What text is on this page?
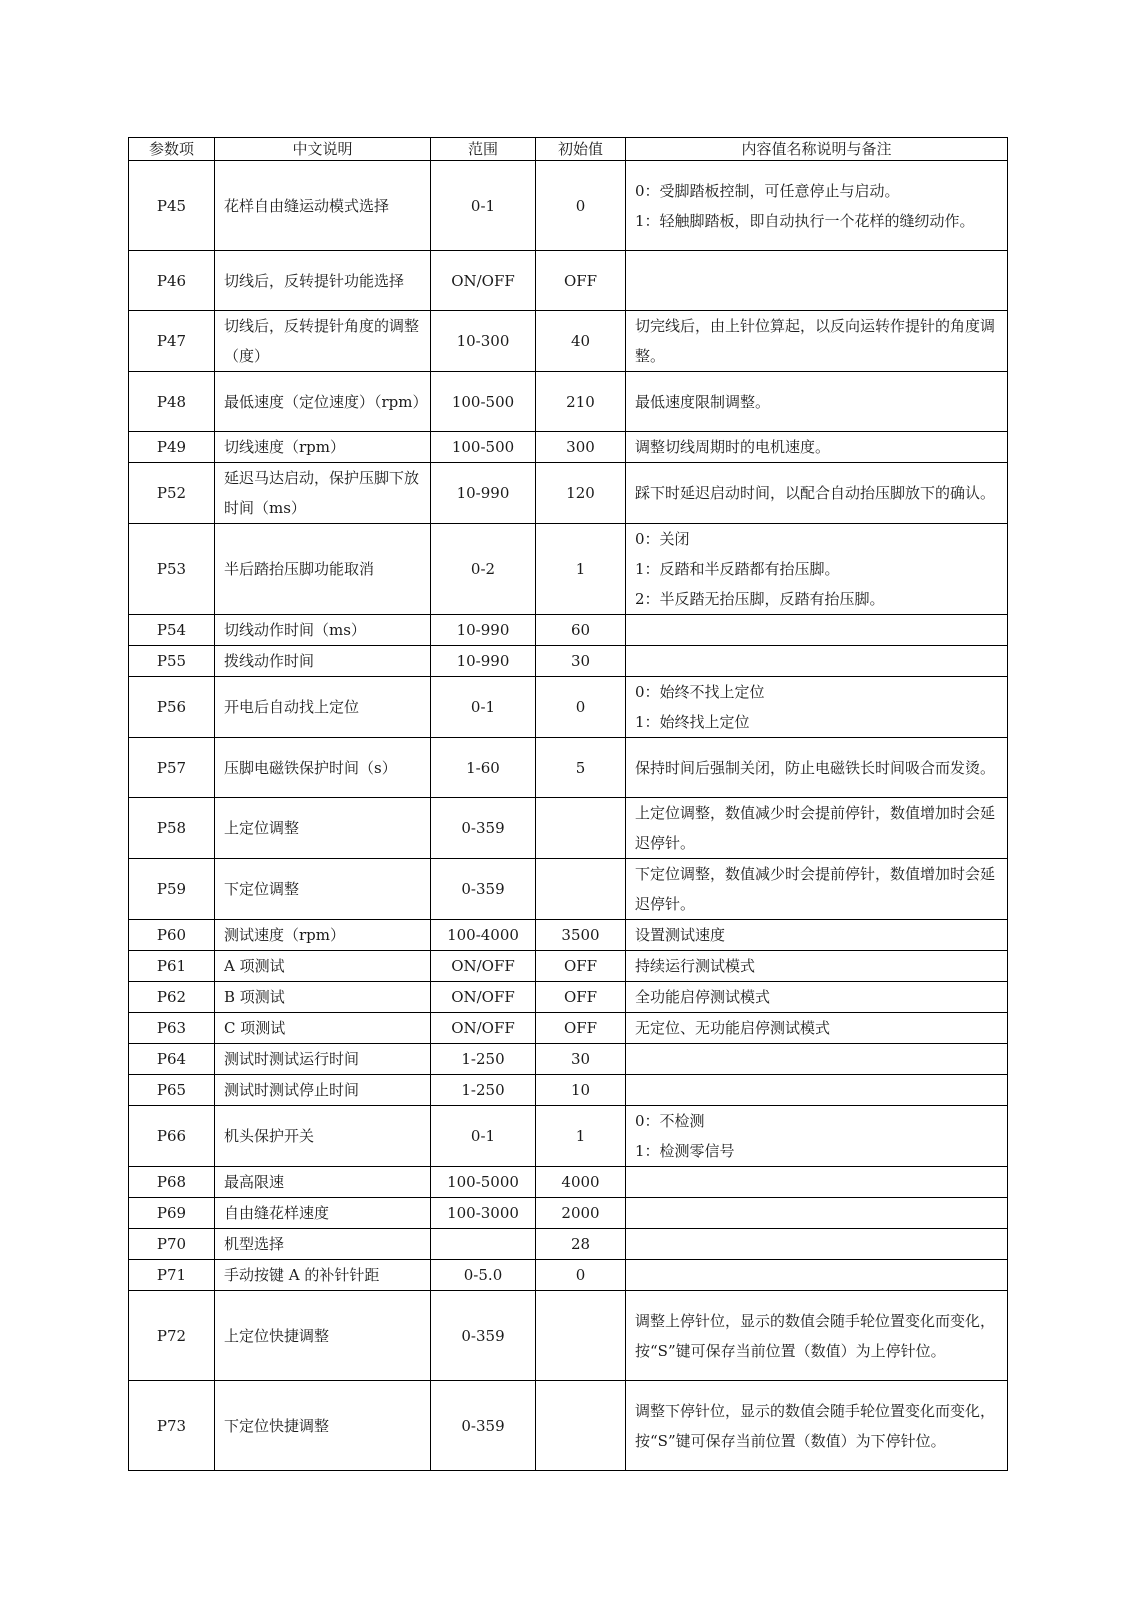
参数项	中文说明	范围	初始值	内容值名称说明与备注
P45	花样自由缝运动模式选择	0-1	0	0：受脚踏板控制，可任意停止与启动。
1：轻触脚踏板，即自动执行一个花样的缝纫动作。

P46	切线后，反转提针功能选择	ON/OFF	OFF	
P47	切线后，反转提针角度的调整（度）	10-300	40	切完线后，由上针位算起，以反向运转作提针的角度调整。

P48	最低速度（定位速度）（rpm）	100-500	210	最低速度限制调整。

P49	切线速度（rpm）	100-500	300	调整切线周期时的电机速度。

P52	延迟马达启动，保护压脚下放时间（ms）	10-990	120	踩下时延迟启动时间，以配合自动抬压脚放下的确认。

P53	半后踏抬压脚功能取消	0-2	1	0：关闭
1：反踏和半反踏都有抬压脚。
2：半反踏无抬压脚，反踏有抬压脚。

P54	切线动作时间（ms）	10-990	60	
P55	拨线动作时间	10-990	30	
P56	开电后自动找上定位	0-1	0	0：始终不找上定位
1：始终找上定位

P57	压脚电磁铁保护时间（s）	1-60	5	保持时间后强制关闭，防止电磁铁长时间吸合而发烫。

P58	上定位调整	0-359		上定位调整，数值减少时会提前停针，数值增加时会延迟停针。

P59	下定位调整	0-359		下定位调整，数值减少时会提前停针，数值增加时会延迟停针。

P60	测试速度（rpm）	100-4000	3500	设置测试速度

P61	A 项测试	ON/OFF	OFF	持续运行测试模式

P62	B 项测试	ON/OFF	OFF	全功能启停测试模式

P63	C 项测试	ON/OFF	OFF	无定位、无功能启停测试模式

P64	测试时测试运行时间	1-250	30	
P65	测试时测试停止时间	1-250	10	
P66	机头保护开关	0-1	1	0：不检测
1：检测零信号

P68	最高限速	100-5000	4000	
P69	自由缝花样速度	100-3000	2000	
P70	机型选择		28	
P71	手动按键 A 的补针针距	0-5.0	0	
P72	上定位快捷调整	0-359		调整上停针位，显示的数值会随手轮位置变化而变化，按“S”键可保存当前位置（数值）为上停针位。

P73	下定位快捷调整	0-359		调整下停针位，显示的数值会随手轮位置变化而变化，按“S”键可保存当前位置（数值）为下停针位。
